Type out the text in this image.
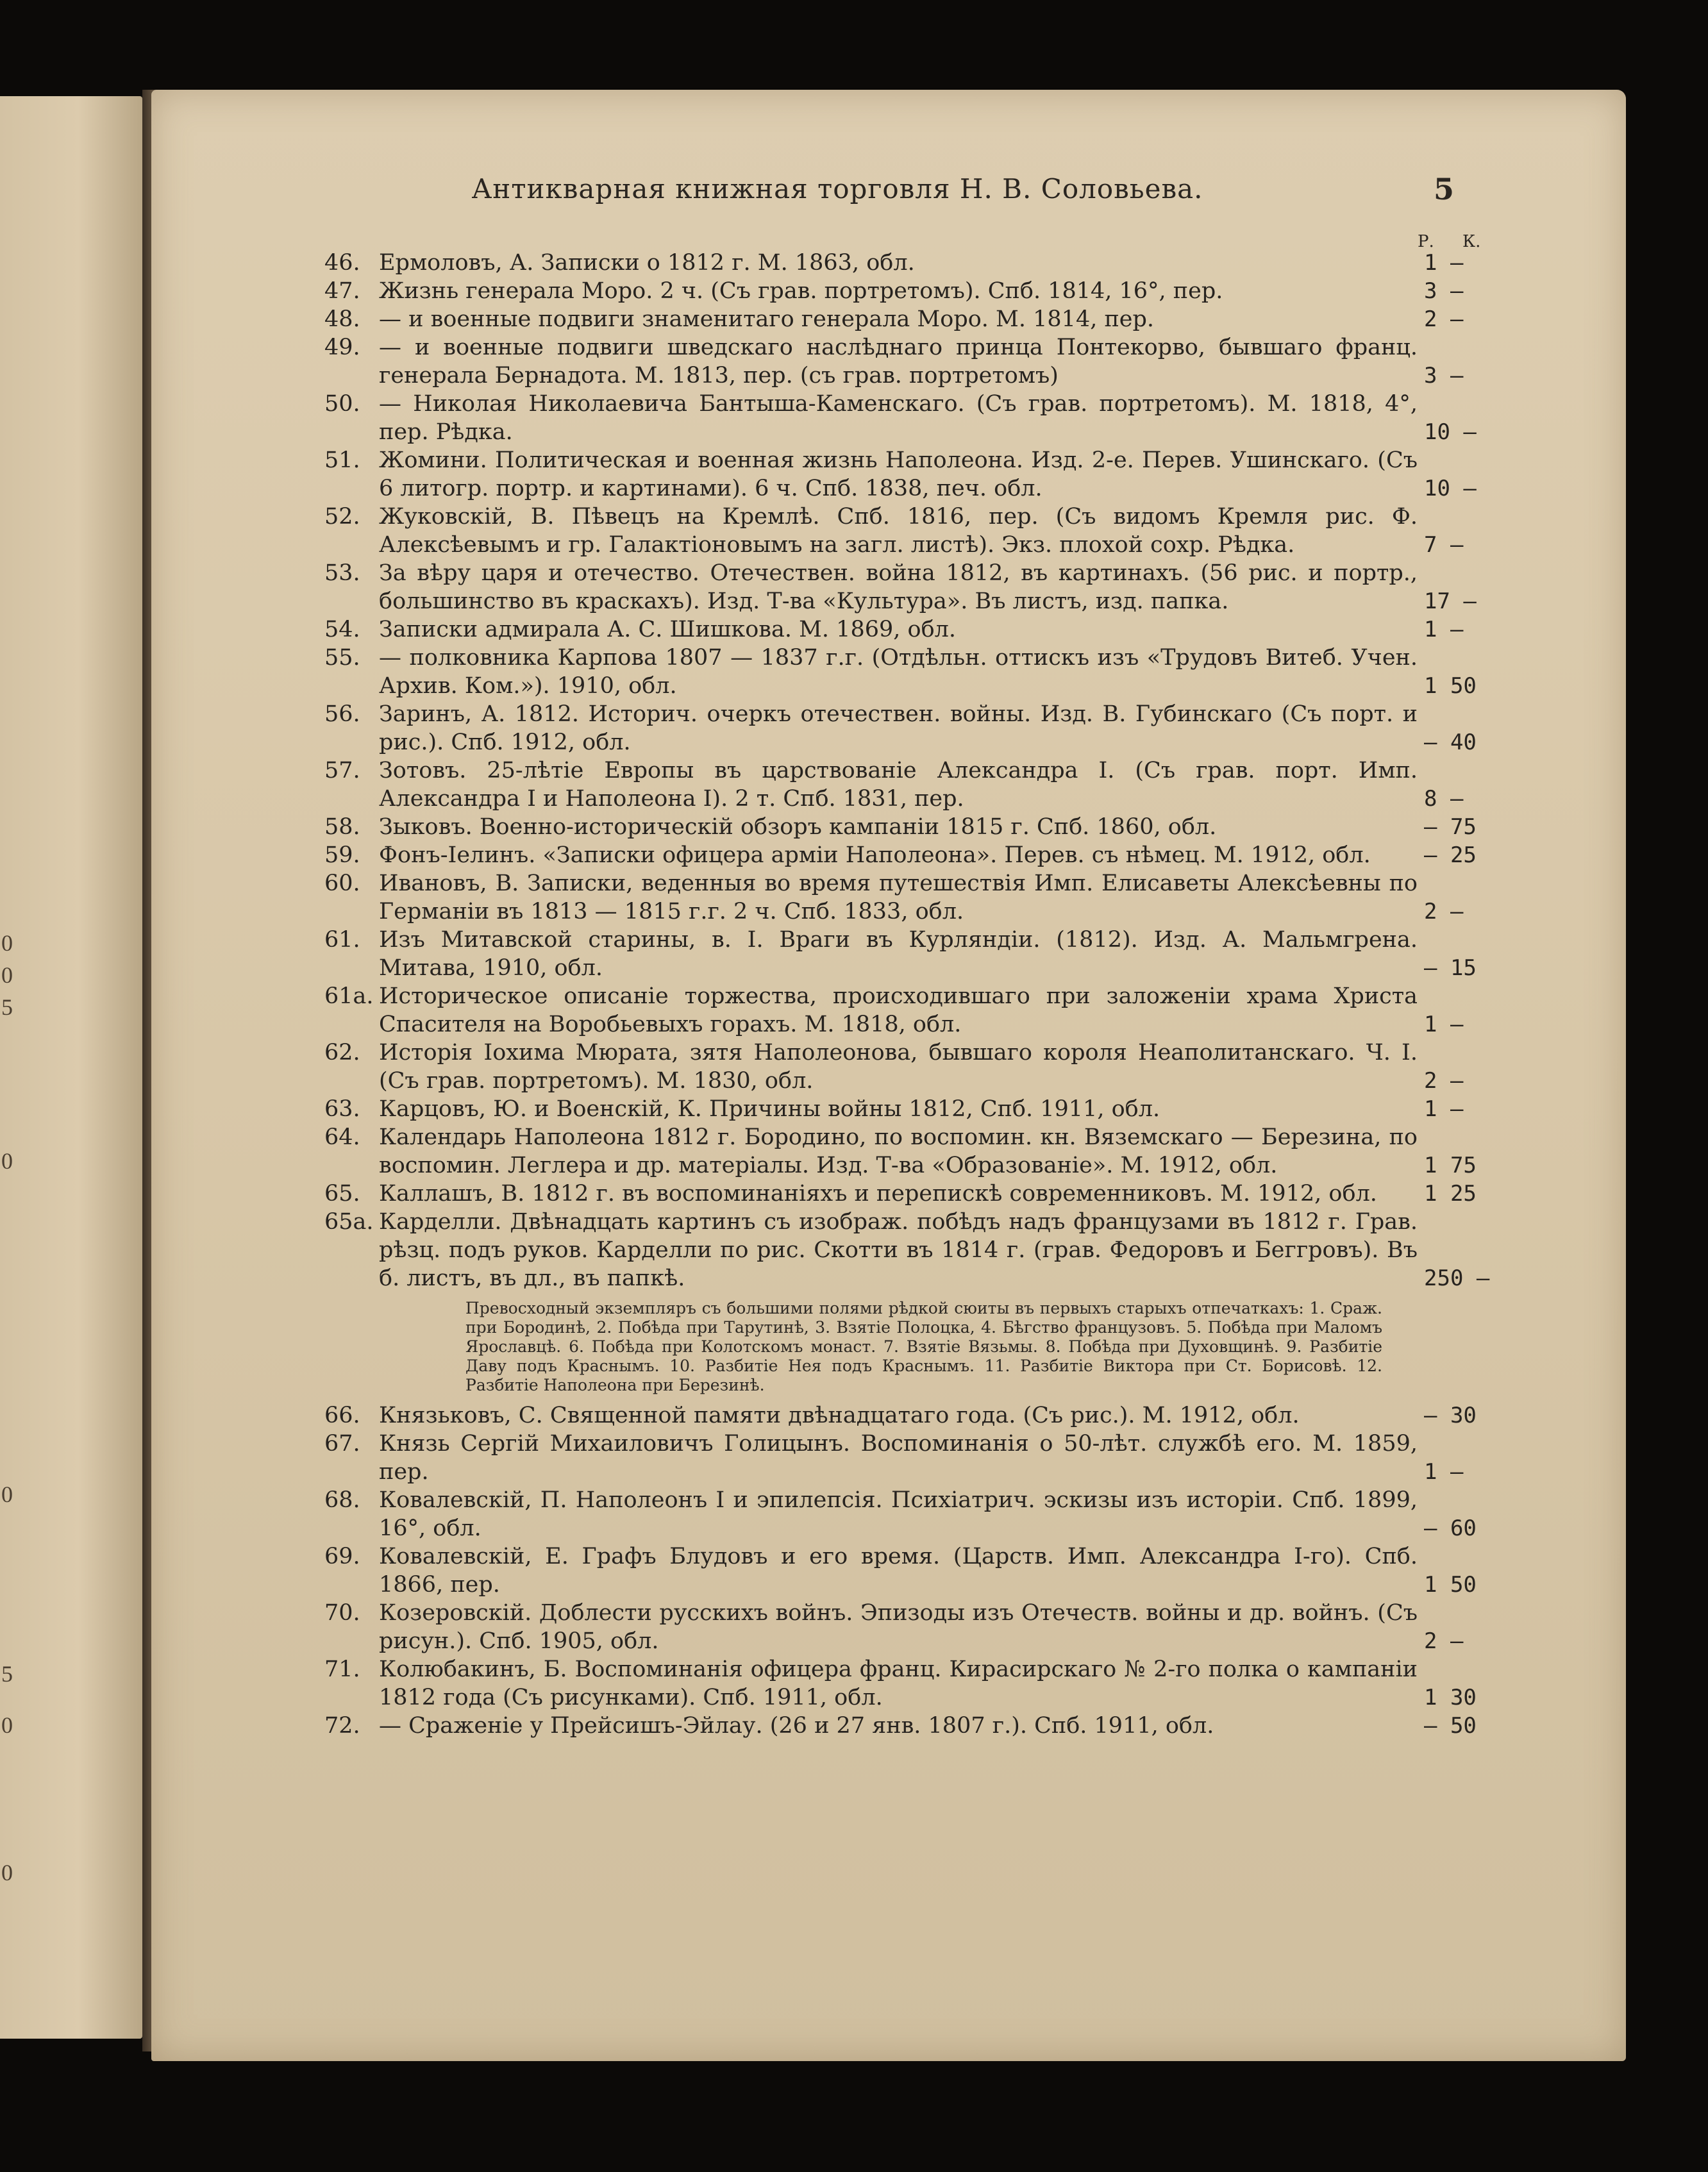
0
0
5
0
0
5
0
0
Антикварная книжная торговля Н. В. Соловьева.	5
Р. К.
46. Ермоловъ, А. Записки о 1812 г. М. 1863, обл.	1 —
47. Жизнь генерала Моро. 2 ч. (Съ грав. портретомъ). Спб. 1814, 16°, пер.	3 —
48. — и военные подвиги знаменитаго генерала Моро. М. 1814, пер.	2 —
49. — и военные подвиги шведскаго наслѣднаго принца Понтекорво, бывшаго франц. генерала Бернадота. М. 1813, пер. (съ грав. портретомъ)	3 —
50. — Николая Николаевича Бантыша-Каменскаго. (Съ грав. портретомъ). М. 1818, 4°, пер. Рѣдка.	10 —
51. Жомини. Политическая и военная жизнь Наполеона. Изд. 2-е. Перев. Ушинскаго. (Съ 6 литогр. портр. и картинами). 6 ч. Спб. 1838, печ. обл.	10 —
52. Жуковскій, В. Пѣвецъ на Кремлѣ. Спб. 1816, пер. (Съ видомъ Кремля рис. Ф. Алексѣевымъ и гр. Галактіоновымъ на загл. листѣ). Экз. плохой сохр. Рѣдка.	7 —
53. За вѣру царя и отечество. Отечествен. война 1812, въ картинахъ. (56 рис. и портр., большинство въ краскахъ). Изд. Т-ва «Культура». Въ листъ, изд. папка.	17 —
54. Записки адмирала А. С. Шишкова. М. 1869, обл.	1 —
55. — полковника Карпова 1807 — 1837 г.г. (Отдѣльн. оттискъ изъ «Трудовъ Витеб. Учен. Архив. Ком.»). 1910, обл.	1 50
56. Заринъ, А. 1812. Историч. очеркъ отечествен. войны. Изд. В. Губинскаго (Съ порт. и рис.). Спб. 1912, обл.	— 40
57. Зотовъ. 25-лѣтіе Европы въ царствованіе Александра I. (Съ грав. порт. Имп. Александра I и Наполеона I). 2 т. Спб. 1831, пер.	8 —
58. Зыковъ. Военно-историческій обзоръ кампаніи 1815 г. Спб. 1860, обл.	— 75
59. Фонъ-Іелинъ. «Записки офицера арміи Наполеона». Перев. съ нѣмец. М. 1912, обл.	— 25
60. Ивановъ, В. Записки, веденныя во время путешествія Имп. Елисаветы Алексѣевны по Германіи въ 1813 — 1815 г.г. 2 ч. Спб. 1833, обл.	2 —
61. Изъ Митавской старины, в. I. Враги въ Курляндіи. (1812). Изд. А. Мальмгрена. Митава, 1910, обл.	— 15
61а. Историческое описаніе торжества, происходившаго при заложеніи храма Христа Спасителя на Воробьевыхъ горахъ. М. 1818, обл.	1 —
62. Исторія Іохима Мюрата, зятя Наполеонова, бывшаго короля Неаполитанскаго. Ч. I. (Съ грав. портретомъ). М. 1830, обл.	2 —
63. Карцовъ, Ю. и Военскій, К. Причины войны 1812, Спб. 1911, обл.	1 —
64. Календарь Наполеона 1812 г. Бородино, по воспомин. кн. Вяземскаго — Березина, по воспомин. Леглера и др. матеріалы. Изд. Т-ва «Образованіе». М. 1912, обл.	1 75
65. Каллашъ, В. 1812 г. въ воспоминаніяхъ и перепискѣ современниковъ. М. 1912, обл.	1 25
65а. Карделли. Двѣнадцать картинъ съ изображ. побѣдъ надъ французами въ 1812 г. Грав. рѣзц. подъ руков. Карделли по рис. Скотти въ 1814 г. (грав. Федоровъ и Беггровъ). Въ б. листъ, въ дл., въ папкѣ.	250 —
Превосходный экземпляръ съ большими полями рѣдкой сюиты въ первыхъ старыхъ отпечаткахъ: 1. Сраж. при Бородинѣ, 2. Побѣда при Тарутинѣ, 3. Взятіе Полоцка, 4. Бѣгство французовъ. 5. Побѣда при Маломъ Ярославцѣ. 6. Побѣда при Колотскомъ монаст. 7. Взятіе Вязьмы. 8. Побѣда при Духовщинѣ. 9. Разбитіе Даву подъ Краснымъ. 10. Разбитіе Нея подъ Краснымъ. 11. Разбитіе Виктора при Ст. Борисовѣ. 12. Разбитіе Наполеона при Березинѣ.
66. Князьковъ, С. Священной памяти двѣнадцатаго года. (Съ рис.). М. 1912, обл.	— 30
67. Князь Сергій Михаиловичъ Голицынъ. Воспоминанія о 50-лѣт. службѣ его. М. 1859, пер.	1 —
68. Ковалевскій, П. Наполеонъ I и эпилепсія. Психіатрич. эскизы изъ исторіи. Спб. 1899, 16°, обл.	— 60
69. Ковалевскій, Е. Графъ Блудовъ и его время. (Царств. Имп. Александра I-го). Спб. 1866, пер.	1 50
70. Козеровскій. Доблести русскихъ войнъ. Эпизоды изъ Отечеств. войны и др. войнъ. (Съ рисун.). Спб. 1905, обл.	2 —
71. Колюбакинъ, Б. Воспоминанія офицера франц. Кирасирскаго № 2-го полка о кампаніи 1812 года (Съ рисунками). Спб. 1911, обл.	1 30
72. — Сраженіе у Прейсишъ-Эйлау. (26 и 27 янв. 1807 г.). Спб. 1911, обл.	— 50
